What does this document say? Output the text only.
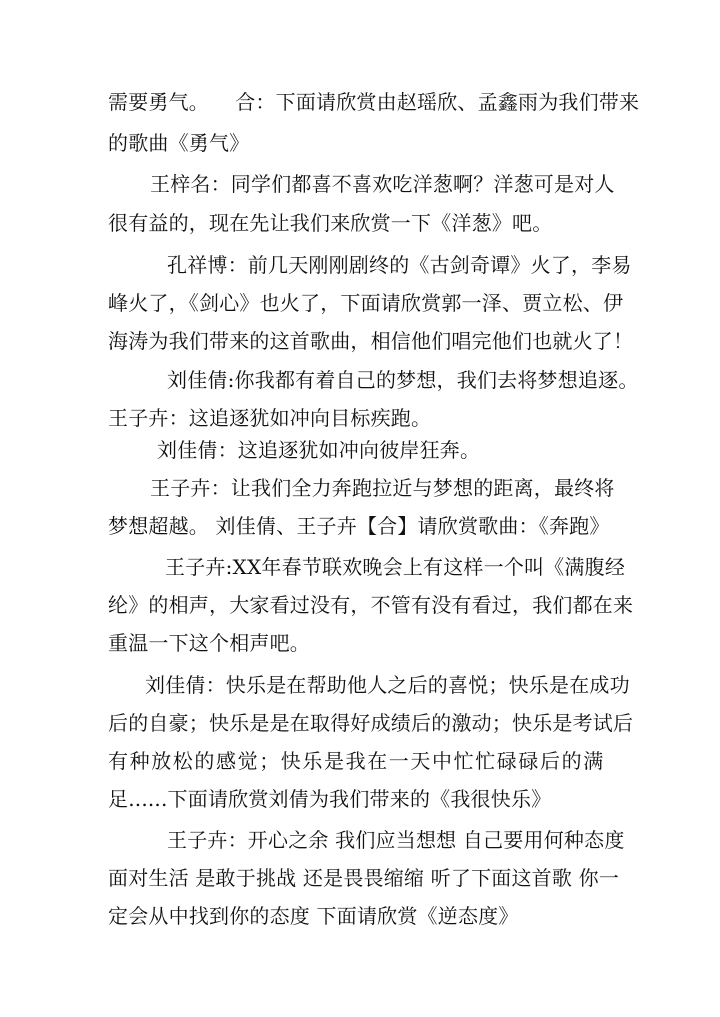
需要勇气。    合：下面请欣赏由赵瑶欣、孟鑫雨为我们带来
的歌曲《勇气》
王梓名：同学们都喜不喜欢吃洋葱啊？洋葱可是对人
很有益的，现在先让我们来欣赏一下《洋葱》吧。
孔祥博：前几天刚刚剧终的《古剑奇谭》火了，李易
峰火了，《剑心》也火了，下面请欣赏郭一泽、贾立松、伊
海涛为我们带来的这首歌曲，相信他们唱完他们也就火了！
刘佳倩:你我都有着自己的梦想，我们去将梦想追逐。
王子卉：这追逐犹如冲向目标疾跑。
刘佳倩：这追逐犹如冲向彼岸狂奔。
王子卉：让我们全力奔跑拉近与梦想的距离，最终将
梦想超越。 刘佳倩、王子卉【合】请欣赏歌曲：《奔跑》
王子卉:XX年春节联欢晚会上有这样一个叫《满腹经
纶》的相声，大家看过没有，不管有没有看过，我们都在来
重温一下这个相声吧。
刘佳倩：快乐是在帮助他人之后的喜悦；快乐是在成功
后的自豪；快乐是是在取得好成绩后的激动；快乐是考试后
有种放松的感觉；快乐是我在一天中忙忙碌碌后的满
足......下面请欣赏刘倩为我们带来的《我很快乐》
王子卉：开心之余 我们应当想想 自己要用何种态度
面对生活 是敢于挑战 还是畏畏缩缩 听了下面这首歌 你一
定会从中找到你的态度 下面请欣赏《逆态度》
